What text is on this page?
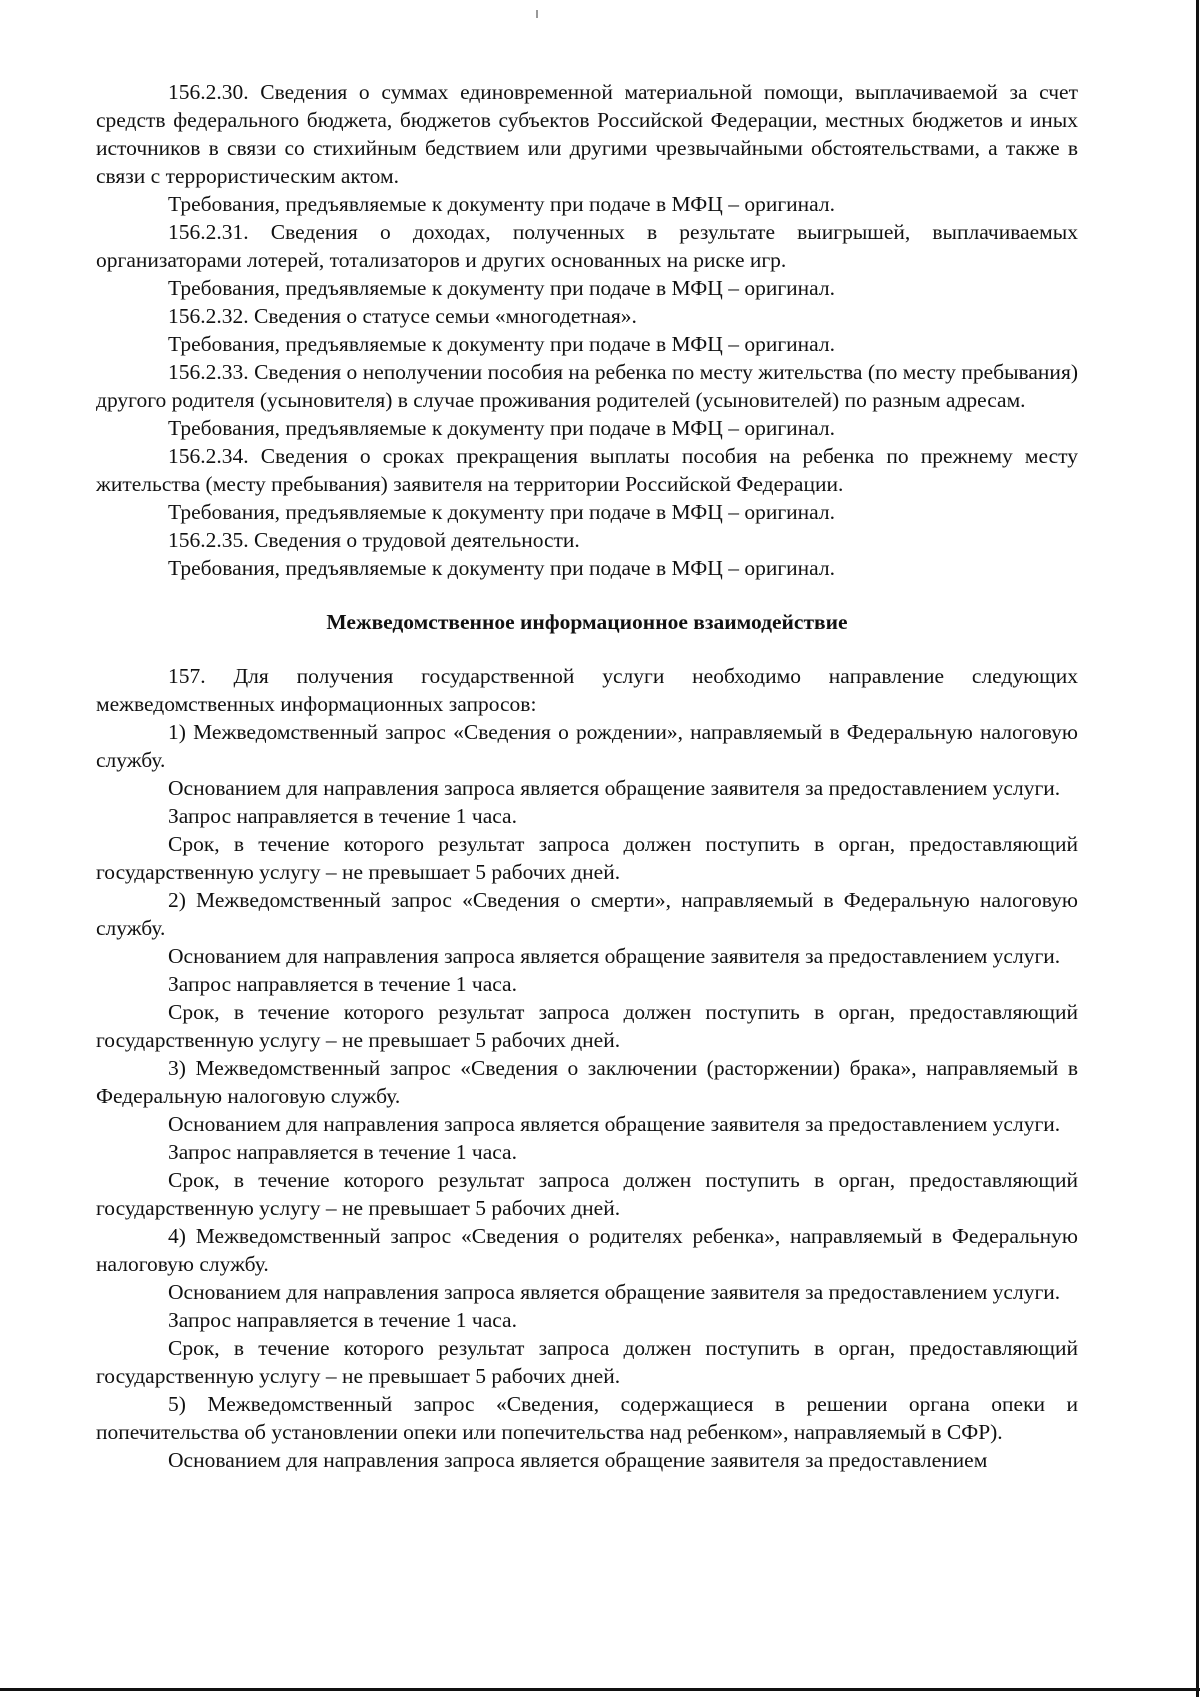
156.2.30. Сведения о суммах единовременной материальной помощи, выплачиваемой за счет средств федерального бюджета, бюджетов субъектов Российской Федерации, местных бюджетов и иных источников в связи со стихийным бедствием или другими чрезвычайными обстоятельствами, а также в связи с террористическим актом.

Требования, предъявляемые к документу при подаче в МФЦ – оригинал.

156.2.31. Сведения о доходах, полученных в результате выигрышей, выплачиваемых организаторами лотерей, тотализаторов и других основанных на риске игр.

Требования, предъявляемые к документу при подаче в МФЦ – оригинал.

156.2.32. Сведения о статусе семьи «многодетная».

Требования, предъявляемые к документу при подаче в МФЦ – оригинал.

156.2.33. Сведения о неполучении пособия на ребенка по месту жительства (по месту пребывания) другого родителя (усыновителя) в случае проживания родителей (усыновителей) по разным адресам.

Требования, предъявляемые к документу при подаче в МФЦ – оригинал.

156.2.34. Сведения о сроках прекращения выплаты пособия на ребенка по прежнему месту жительства (месту пребывания) заявителя на территории Российской Федерации.

Требования, предъявляемые к документу при подаче в МФЦ – оригинал.

156.2.35. Сведения о трудовой деятельности.

Требования, предъявляемые к документу при подаче в МФЦ – оригинал.

Межведомственное информационное взаимодействие

157. Для получения государственной услуги необходимо направление следующих межведомственных информационных запросов:

1) Межведомственный запрос «Сведения о рождении», направляемый в Федеральную налоговую службу.

Основанием для направления запроса является обращение заявителя за предоставлением услуги.

Запрос направляется в течение 1 часа.

Срок, в течение которого результат запроса должен поступить в орган, предоставляющий государственную услугу – не превышает 5 рабочих дней.

2) Межведомственный запрос «Сведения о смерти», направляемый в Федеральную налоговую службу.

Основанием для направления запроса является обращение заявителя за предоставлением услуги.

Запрос направляется в течение 1 часа.

Срок, в течение которого результат запроса должен поступить в орган, предоставляющий государственную услугу – не превышает 5 рабочих дней.

3) Межведомственный запрос «Сведения о заключении (расторжении) брака», направляемый в Федеральную налоговую службу.

Основанием для направления запроса является обращение заявителя за предоставлением услуги.

Запрос направляется в течение 1 часа.

Срок, в течение которого результат запроса должен поступить в орган, предоставляющий государственную услугу – не превышает 5 рабочих дней.

4) Межведомственный запрос «Сведения о родителях ребенка», направляемый в Федеральную налоговую службу.

Основанием для направления запроса является обращение заявителя за предоставлением услуги.

Запрос направляется в течение 1 часа.

Срок, в течение которого результат запроса должен поступить в орган, предоставляющий государственную услугу – не превышает 5 рабочих дней.

5) Межведомственный запрос «Сведения, содержащиеся в решении органа опеки и попечительства об установлении опеки или попечительства над ребенком», направляемый в СФР).

Основанием для направления запроса является обращение заявителя за предоставлением
